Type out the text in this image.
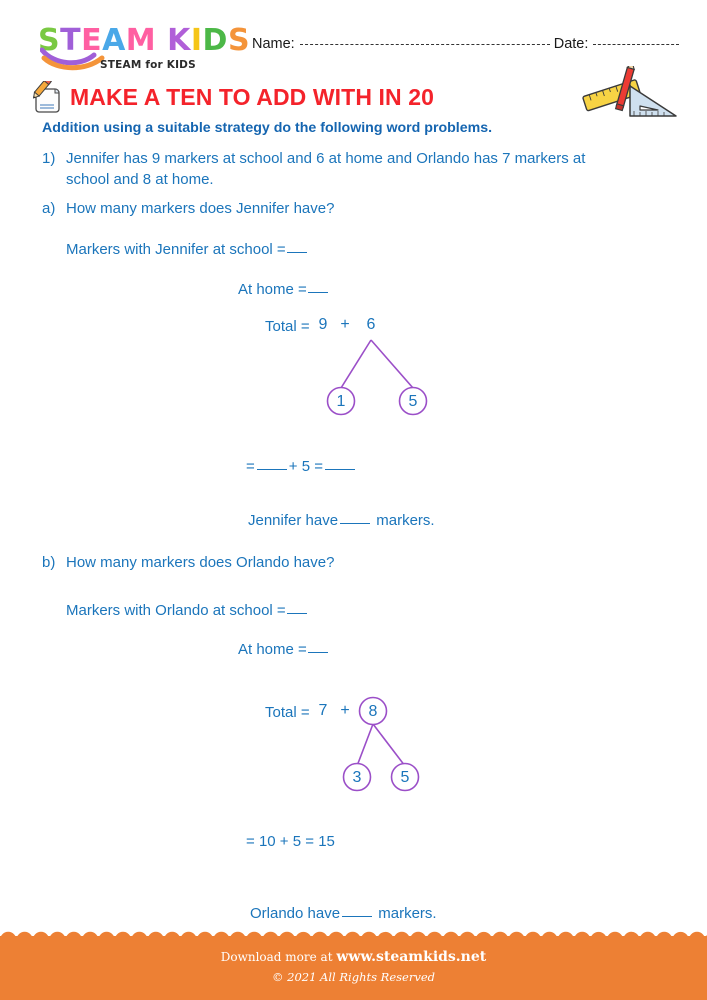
STEAM KIDS
STEAM for KIDS
Name:	Date:
MAKE A TEN TO ADD WITH IN 20
Addition using a suitable strategy do the following word problems.
1) Jennifer has 9 markers at school and 6 at home and Orlando has 7 markers at
school and 8 at home.
a) How many markers does Jennifer have?
Markers with Jennifer at school =
At home =
Total = 9 + 6
1	5
= + 5 =
Jennifer have	markers.
b) How many markers does Orlando have?
Markers with Orlando at school =
At home =
Total = 7 +	8
3	5
= 10 + 5 = 15
Orlando have	markers.
Download more at www.steamkids.net
© 2021 All Rights Reserved
